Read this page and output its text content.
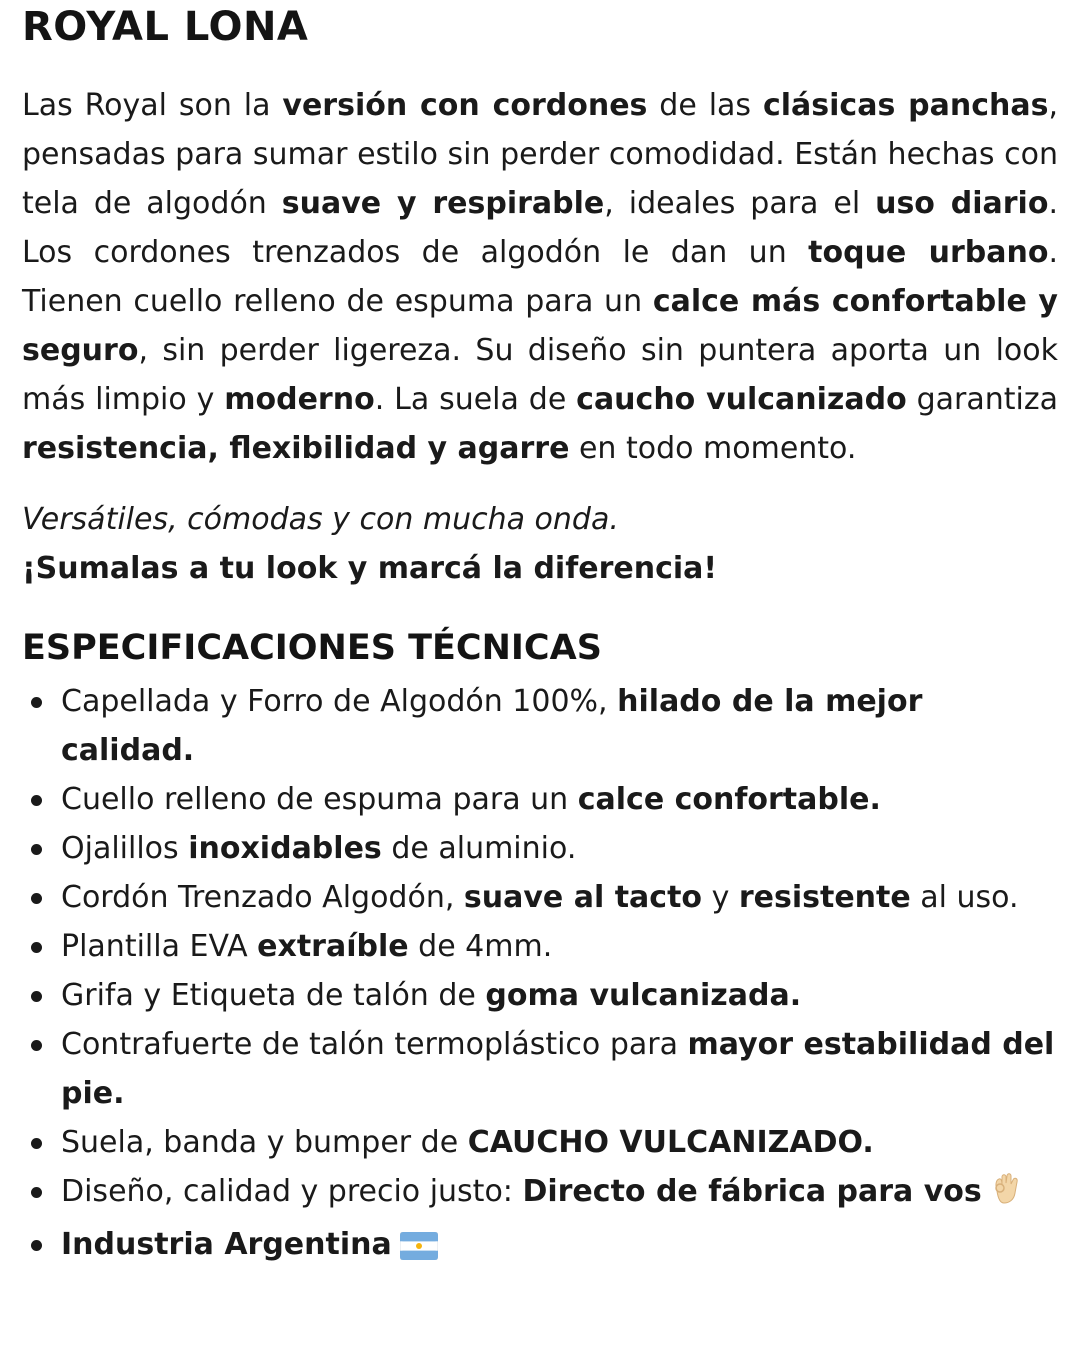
ROYAL LONA

Las Royal son la versión con cordones de las clásicas panchas, pensadas para sumar estilo sin perder comodidad. Están hechas con tela de algodón suave y respirable, ideales para el uso diario. Los cordones trenzados de algodón le dan un toque urbano. Tienen cuello relleno de espuma para un calce más confortable y seguro, sin perder ligereza. Su diseño sin puntera aporta un look más limpio y moderno. La suela de caucho vulcanizado garantiza resistencia, flexibilidad y agarre en todo momento.

Versátiles, cómodas y con mucha onda.
¡Sumalas a tu look y marcá la diferencia!
ESPECIFICACIONES TÉCNICAS
Capellada y Forro de Algodón 100%, hilado de la mejor calidad.
Cuello relleno de espuma para un calce confortable.
Ojalillos inoxidables de aluminio.
Cordón Trenzado Algodón, suave al tacto y resistente al uso.
Plantilla EVA extraíble de 4mm.
Grifa y Etiqueta de talón de goma vulcanizada.
Contrafuerte de talón termoplástico para mayor estabilidad del pie.
Suela, banda y bumper de CAUCHO VULCANIZADO.
Diseño, calidad y precio justo: Directo de fábrica para vos
Industria Argentina
